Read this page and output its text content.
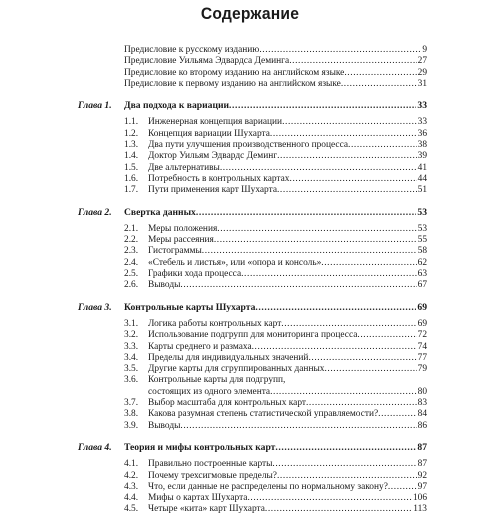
Содержание
Предисловие к русскому изданию .....	9
Предисловие Уильяма Эдвардса Деминга .....	27
Предисловие ко второму изданию на английском языке .....	29
Предисловие к первому изданию на английском языке .....	31
Глава 1. Два подхода к вариации .....	33
1.1. Инженерная концепция вариации .....	33
1.2. Концепция вариации Шухарта .....	36
1.3. Два пути улучшения производственного процесса .....	38
1.4. Доктор Уильям Эдвардс Деминг .....	39
1.5. Две альтернативы .....	41
1.6. Потребность в контрольных картах .....	44
1.7. Пути применения карт Шухарта .....	51
Глава 2. Свертка данных .....	53
2.1. Меры положения .....	53
2.2. Меры рассеяния .....	55
2.3. Гистограммы .....	58
2.4. «Стебель и листья», или «опора и консоль» .....	62
2.5. Графики хода процесса .....	63
2.6. Выводы .....	67
Глава 3. Контрольные карты Шухарта .....	69
3.1. Логика работы контрольных карт .....	69
3.2. Использование подгрупп для мониторинга процесса .....	72
3.3. Карты среднего и размаха .....	74
3.4. Пределы для индивидуальных значений .....	77
3.5. Другие карты для сгруппированных данных .....	79
3.6. Контрольные карты для подгрупп,
состоящих из одного элемента .....	80
3.7. Выбор масштаба для контрольных карт .....	83
3.8. Какова разумная степень статистической управляемости? .....	84
3.9. Выводы .....	86
Глава 4. Теория и мифы контрольных карт .....	87
4.1. Правильно построенные карты .....	87
4.2. Почему трехсигмовые пределы? .....	92
4.3. Что, если данные не распределены по нормальному закону? .....	97
4.4. Мифы о картах Шухарта .....	106
4.5. Четыре «кита» карт Шухарта .....	113
